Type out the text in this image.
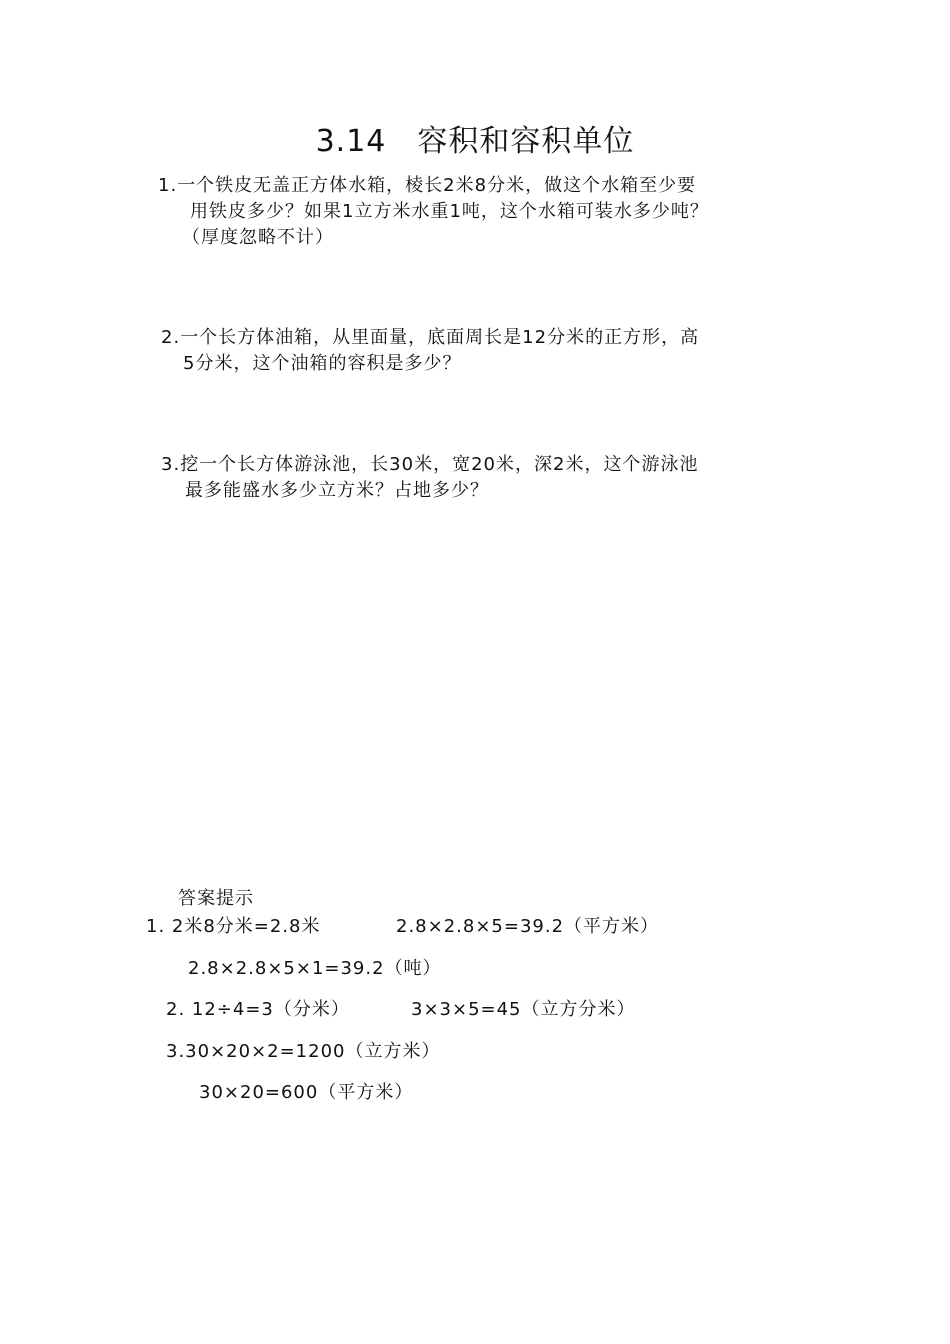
3.14　容积和容积单位
1.一个铁皮无盖正方体水箱，棱长2米8分米，做这个水箱至少要
用铁皮多少？如果1立方米水重1吨，这个水箱可装水多少吨？
（厚度忽略不计）
2.一个长方体油箱，从里面量，底面周长是12分米的正方形，高
5分米，这个油箱的容积是多少？
3.挖一个长方体游泳池，长30米，宽20米，深2米，这个游泳池
最多能盛水多少立方米？占地多少？
答案提示
1. 2米8分米=2.8米	2.8×2.8×5=39.2（平方米）
2.8×2.8×5×1=39.2（吨）
2. 12÷4=3（分米）	3×3×5=45（立方分米）
3.30×20×2=1200（立方米）
30×20=600（平方米）
